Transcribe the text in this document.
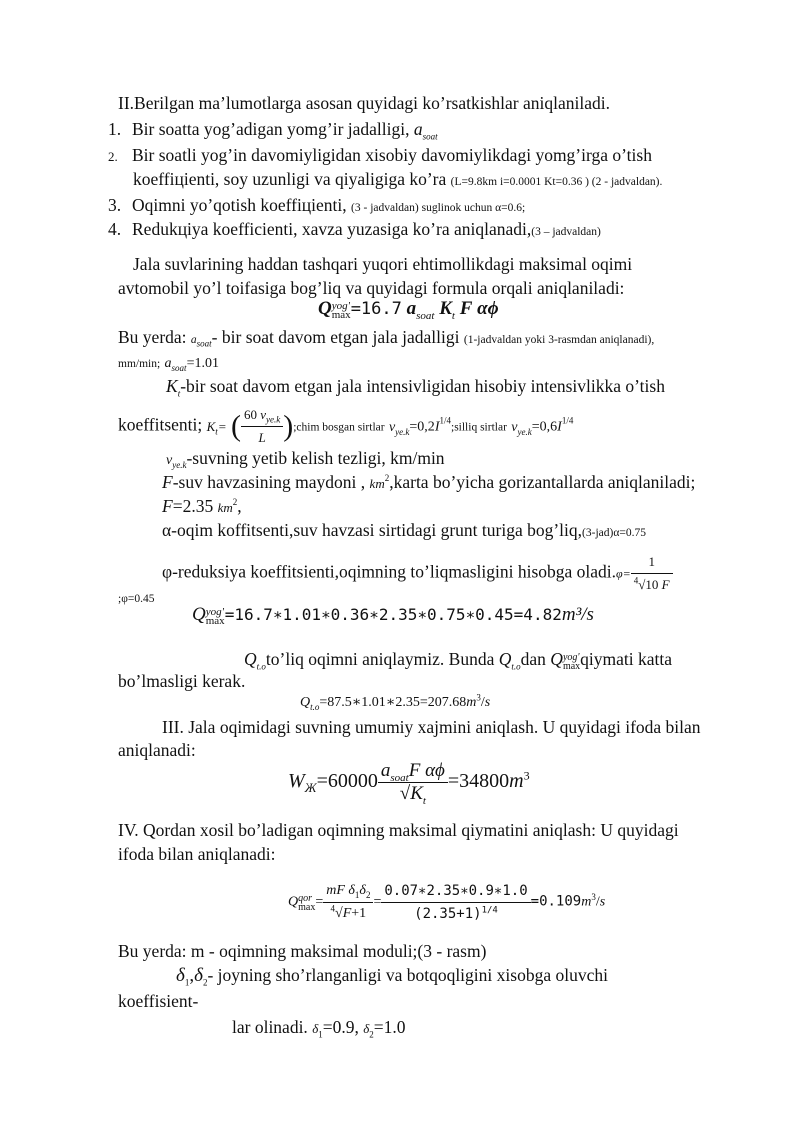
II.Berilgan ma’lumotlarga asosan quyidagi ko’rsatkishlar aniqlaniladi.
1. Bir soatta yog’adigan yomg’ir jadalligi, $a_{soat}$
2. Bir soatli yog’in davomiyligidan xisobiy davomiylikdagi yomg’irga o’tish
koeffiцienti, soy uzunligi va qiyaligiga ko’ra (L=9.8km i=0.0001 Kt=0.36 ) (2 - jadvaldan).
3. Oqimni yo’qotish koeffiцienti, (3 - jadvaldan) suglinok uchun α=0.6;
4. Redukцiya koefficienti, xavza yuzasiga ko’ra aniqlanadi,(3 – jadvaldan)
Jala suvlarining haddan tashqari yuqori ehtimollikdagi maksimal oqimi
avtomobil yo’l toifasiga bog’liq va quyidagi formula orqali aniqlaniladi:
Q yog'
max =16.7 $a_{soat}$ $K_t$ F αϕ
Bu yerda: $a_{soat}-$ bir soat davom etgan jala jadalligi (1-jadvaldan yoki 3-rasmdan aniqlanadi),
mm/min; $a_{soat}=1.01$
$K_t$-bir soat davom etgan jala intensivligidan hisobiy intensivlikka o’tish
koeffitsenti; $K_t=$ ( $\frac{60 v_{ye.k}}{L}$ );chim bosgan sirtlar $v_{ye.k}=0,2I^{1/4};silliq$ sirtlar $v_{ye.k}=0,6I^{1/4}$
$v_{ye.k}$-suvning yetib kelish tezligi, km/min
F-suv havzasining maydoni , $km^2,karta$ bo’yicha gorizantallarda aniqlaniladi;
F=2.35 $km^2$,
α-oqim koffitsenti,suv havzasi sirtidagi grunt turiga bog’liq,(3-jad)α=0.75
φ-reduksiya koeffitsienti,oqimning to’liqmasligini hisobga oladi.φ= $\frac{1}{^4√10 F}$
;φ=0.45
Q yog'
max =16.7∗1.01∗0.36∗2.35∗0.75∗0.45=4.82m³/s
$Q_{t.o}to’liq$ oqimni aniqlaymiz. Bunda $Q_{t.o}dan$ Q yog'
max qiymati katta
bo’lmasligi kerak.
$Q_{t.o}=87.5∗1.01∗2.35=207.68m^3/s$
III. Jala oqimidagi suvning umumiy xajmini aniqlash. U quyidagi ifoda bilan
aniqlanadi:
$W_Ж=60000 \frac{a_{soat}F \alpha\phi}{√K_t} =34800m^3$
IV. Qordan xosil bo’ladigan oqimning maksimal qiymatini aniqlash: U quyidagi
ifoda bilan aniqlanadi:
Q qor
$\max = \frac{mF \delta_1\delta_2}{^4√F+1} = \frac{0.07∗2.35∗0.9∗1.0}{(2.35+1)^{1/4}} =0.109m^3/s$
Bu yerda: m - oqimning maksimal moduli;(3 - rasm)
$\delta_1,\delta_2-$ joyning sho’rlanganligi va botqoqligini xisobga oluvchi
koeffisient-
lar olinadi. $\delta_1=0.9$, $\delta_2=1.0$
